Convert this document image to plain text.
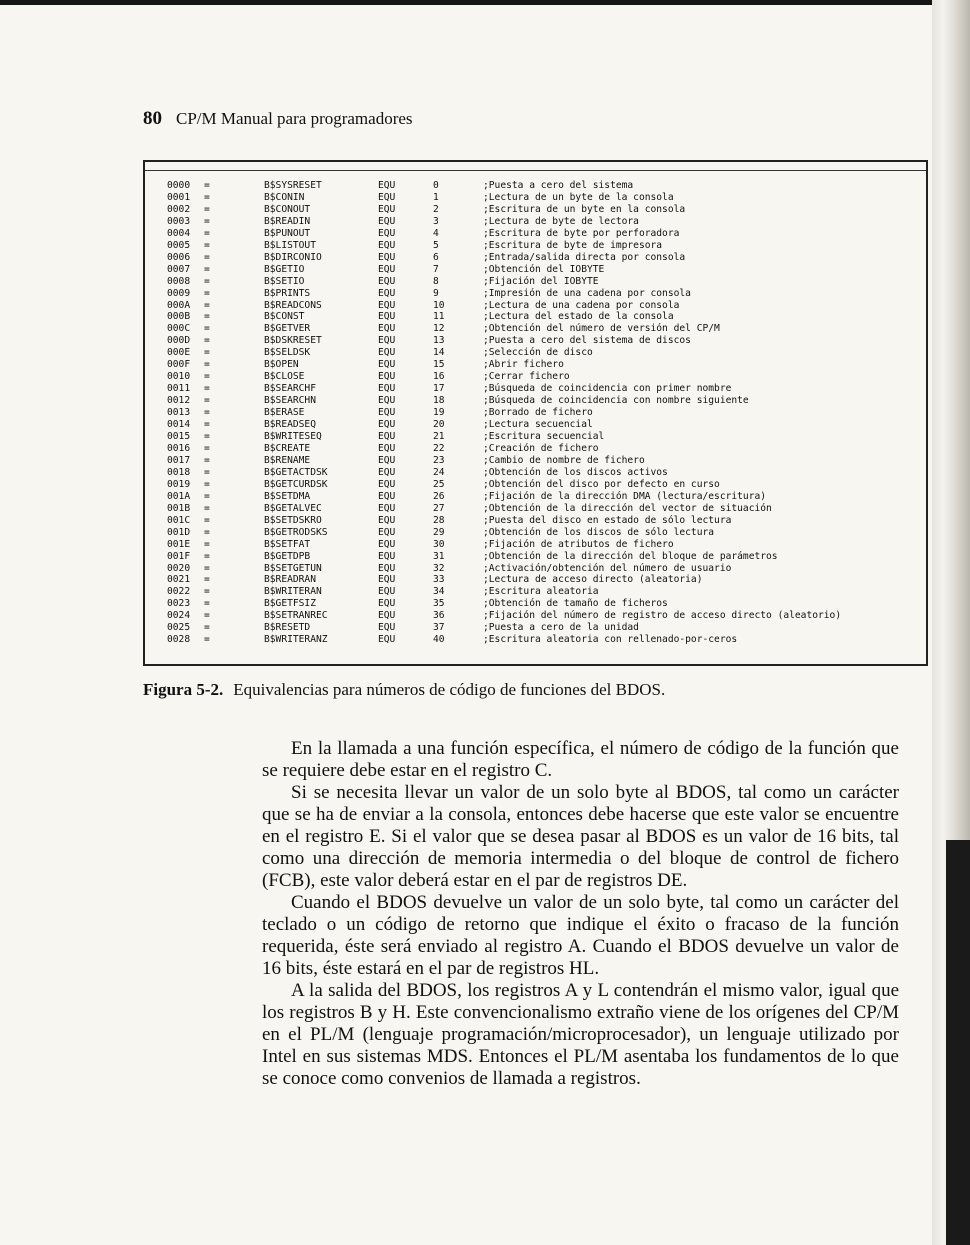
80 CP/M Manual para programadores
0000	=	B$SYSRESET	EQU	0	;Puesta a cero del sistema
0001	=	B$CONIN	EQU	1	;Lectura de un byte de la consola
0002	=	B$CONOUT	EQU	2	;Escritura de un byte en la consola
0003	=	B$READIN	EQU	3	;Lectura de byte de lectora
0004	=	B$PUNOUT	EQU	4	;Escritura de byte por perforadora
0005	=	B$LISTOUT	EQU	5	;Escritura de byte de impresora
0006	=	B$DIRCONIO	EQU	6	;Entrada/salida directa por consola
0007	=	B$GETIO	EQU	7	;Obtención del IOBYTE
0008	=	B$SETIO	EQU	8	;Fijación del IOBYTE
0009	=	B$PRINTS	EQU	9	;Impresión de una cadena por consola
000A	=	B$READCONS	EQU	10	;Lectura de una cadena por consola
000B	=	B$CONST	EQU	11	;Lectura del estado de la consola
000C	=	B$GETVER	EQU	12	;Obtención del número de versión del CP/M
000D	=	B$DSKRESET	EQU	13	;Puesta a cero del sistema de discos
000E	=	B$SELDSK	EQU	14	;Selección de disco
000F	=	B$OPEN	EQU	15	;Abrir fichero
0010	=	B$CLOSE	EQU	16	;Cerrar fichero
0011	=	B$SEARCHF	EQU	17	;Búsqueda de coincidencia con primer nombre
0012	=	B$SEARCHN	EQU	18	;Búsqueda de coincidencia con nombre siguiente
0013	=	B$ERASE	EQU	19	;Borrado de fichero
0014	=	B$READSEQ	EQU	20	;Lectura secuencial
0015	=	B$WRITESEQ	EQU	21	;Escritura secuencial
0016	=	B$CREATE	EQU	22	;Creación de fichero
0017	=	B$RENAME	EQU	23	;Cambio de nombre de fichero
0018	=	B$GETACTDSK	EQU	24	;Obtención de los discos activos
0019	=	B$GETCURDSK	EQU	25	;Obtención del disco por defecto en curso
001A	=	B$SETDMA	EQU	26	;Fijación de la dirección DMA (lectura/escritura)
001B	=	B$GETALVEC	EQU	27	;Obtención de la dirección del vector de situación
001C	=	B$SETDSKRO	EQU	28	;Puesta del disco en estado de sólo lectura
001D	=	B$GETRODSKS	EQU	29	;Obtención de los discos de sólo lectura
001E	=	B$SETFAT	EQU	30	;Fijación de atributos de fichero
001F	=	B$GETDPB	EQU	31	;Obtención de la dirección del bloque de parámetros
0020	=	B$SETGETUN	EQU	32	;Activación/obtención del número de usuario
0021	=	B$READRAN	EQU	33	;Lectura de acceso directo (aleatoria)
0022	=	B$WRITERAN	EQU	34	;Escritura aleatoria
0023	=	B$GETFSIZ	EQU	35	;Obtención de tamaño de ficheros
0024	=	B$SETRANREC	EQU	36	;Fijación del número de registro de acceso directo (aleatorio)
0025	=	B$RESETD	EQU	37	;Puesta a cero de la unidad
0028	=	B$WRITERANZ	EQU	40	;Escritura aleatoria con rellenado-por-ceros
Figura 5-2. Equivalencias para números de código de funciones del BDOS.

En la llamada a una función específica, el número de código de la función que se requiere debe estar en el registro C.

Si se necesita llevar un valor de un solo byte al BDOS, tal como un carácter que se ha de enviar a la consola, entonces debe hacerse que este valor se encuentre en el registro E. Si el valor que se desea pasar al BDOS es un valor de 16 bits, tal como una dirección de memoria intermedia o del bloque de control de fichero (FCB), este valor deberá estar en el par de registros DE.

Cuando el BDOS devuelve un valor de un solo byte, tal como un carácter del teclado o un código de retorno que indique el éxito o fracaso de la función requerida, éste será enviado al registro A. Cuando el BDOS devuelve un valor de 16 bits, éste estará en el par de registros HL.

A la salida del BDOS, los registros A y L contendrán el mismo valor, igual que los registros B y H. Este convencionalismo extraño viene de los orígenes del CP/M en el PL/M (lenguaje programación/microprocesador), un lenguaje utilizado por Intel en sus sistemas MDS. Entonces el PL/M asentaba los fundamentos de lo que se conoce como convenios de llamada a registros.
